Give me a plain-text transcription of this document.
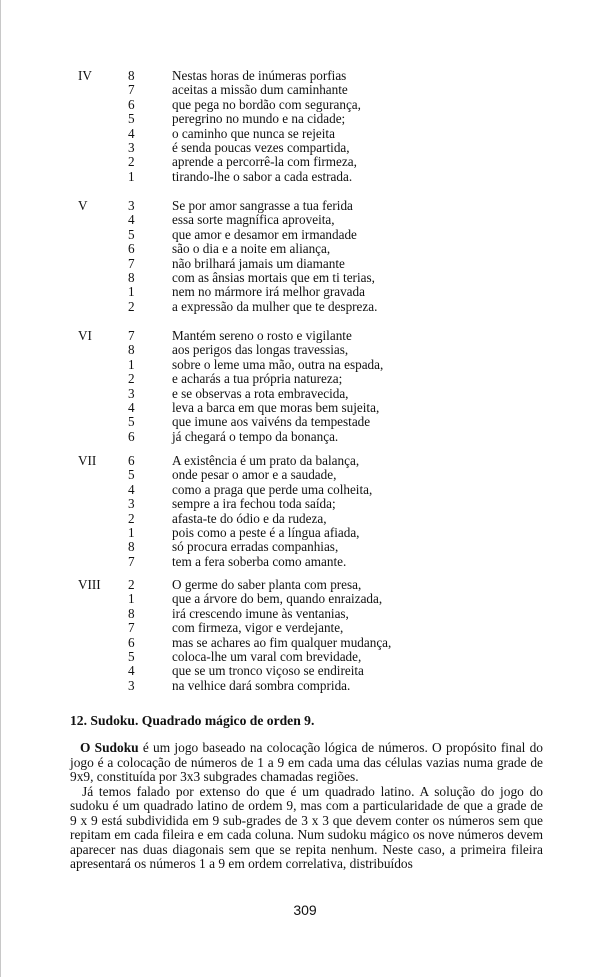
IV	8	Nestas horas de inúmeras porfias
7	aceitas a missão dum caminhante
6	que pega no bordão com segurança,
5	peregrino no mundo e na cidade;
4	o caminho que nunca se rejeita
3	é senda poucas vezes compartida,
2	aprende a percorrê-la com firmeza,
1	tirando-lhe o sabor a cada estrada.
V	3	Se por amor sangrasse a tua ferida
4	essa sorte magnífica aproveita,
5	que amor e desamor em irmandade
6	são o dia e a noite em aliança,
7	não brilhará jamais um diamante
8	com as ânsias mortais que em ti terias,
1	nem no mármore irá melhor gravada
2	a expressão da mulher que te despreza.
VI	7	Mantém sereno o rosto e vigilante
8	aos perigos das longas travessias,
1	sobre o leme uma mão, outra na espada,
2	e acharás a tua própria natureza;
3	e se observas a rota embravecida,
4	leva a barca em que moras bem sujeita,
5	que imune aos vaivéns da tempestade
6	já chegará o tempo da bonança.
VII 6	A existência é um prato da balança,
5	onde pesar o amor e a saudade,
4	como a praga que perde uma colheita,
3	sempre a ira fechou toda saída;
2	afasta-te do ódio e da rudeza,
1	pois como a peste é a língua afiada,
8	só procura erradas companhias,
7	tem a fera soberba como amante.
VIII 2	O germe do saber planta com presa,
1	que a árvore do bem, quando enraizada,
8	irá crescendo imune às ventanias,
7	com firmeza, vigor e verdejante,
6	mas se achares ao fim qualquer mudança,
5	coloca-lhe um varal com brevidade,
4	que se um tronco viçoso se endireita
3	na velhice dará sombra comprida.
12. Sudoku. Quadrado mágico de orden 9.

O Sudoku é um jogo baseado na colocação lógica de números. O propósito final do jogo é a colocação de números de 1 a 9 em cada uma das células vazias numa grade de 9x9, constituída por 3x3 subgrades chamadas regiões.

Já temos falado por extenso do que é um quadrado latino. A solução do jogo do sudoku é um quadrado latino de ordem 9, mas com a particularidade de que a grade de 9 x 9 está subdividida em 9 sub-grades de 3 x 3 que devem conter os números sem que repitam em cada fileira e em cada coluna. Num sudoku mágico os nove números devem aparecer nas duas diagonais sem que se repita nenhum. Neste caso, a primeira fileira apresentará os números 1 a 9 em ordem correlativa, distribuídos

309
